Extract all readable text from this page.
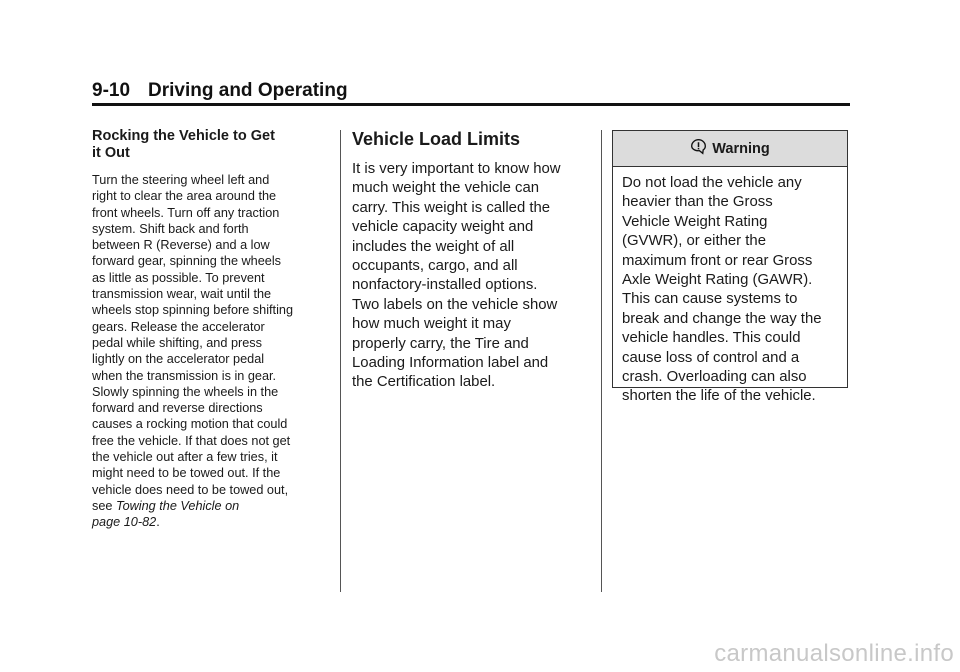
9-10 Driving and Operating
Rocking the Vehicle to Get
it Out

Turn the steering wheel left and
right to clear the area around the
front wheels. Turn off any traction
system. Shift back and forth
between R (Reverse) and a low
forward gear, spinning the wheels
as little as possible. To prevent
transmission wear, wait until the
wheels stop spinning before shifting
gears. Release the accelerator
pedal while shifting, and press
lightly on the accelerator pedal
when the transmission is in gear.
Slowly spinning the wheels in the
forward and reverse directions
causes a rocking motion that could
free the vehicle. If that does not get
the vehicle out after a few tries, it
might need to be towed out. If the
vehicle does need to be towed out,
see Towing the Vehicle on
page 10-82.

Vehicle Load Limits

It is very important to know how
much weight the vehicle can
carry. This weight is called the
vehicle capacity weight and
includes the weight of all
occupants, cargo, and all
nonfactory-installed options.
Two labels on the vehicle show
how much weight it may
properly carry, the Tire and
Loading Information label and
the Certification label.

Warning
Do not load the vehicle any
heavier than the Gross
Vehicle Weight Rating
(GVWR), or either the
maximum front or rear Gross
Axle Weight Rating (GAWR).
This can cause systems to
break and change the way the
vehicle handles. This could
cause loss of control and a
crash. Overloading can also
shorten the life of the vehicle.
carmanualsonline.info
